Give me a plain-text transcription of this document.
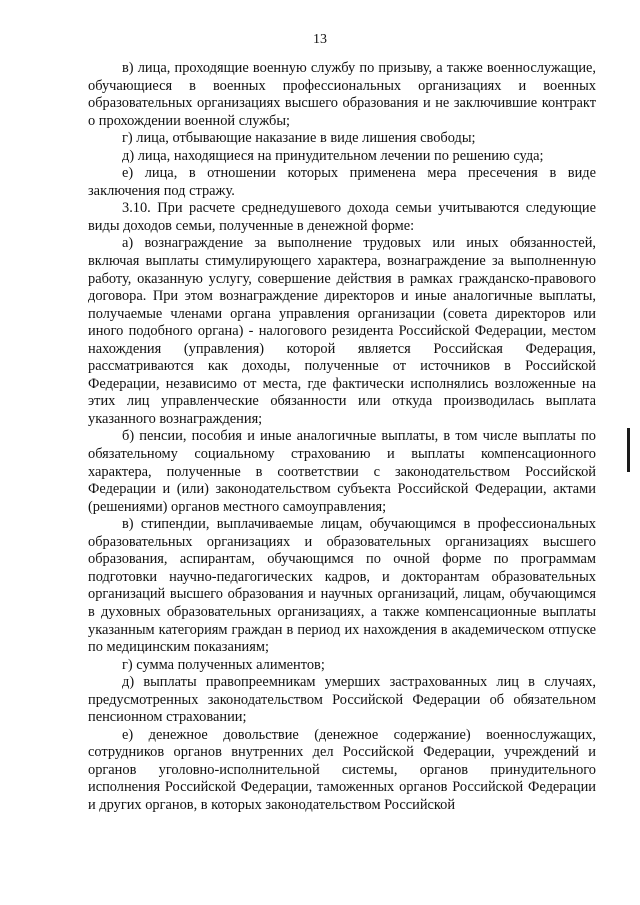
13

в) лица, проходящие военную службу по призыву, а также военнослужащие, обучающиеся в военных профессиональных организациях и военных образовательных организациях высшего образования и не заключившие контракт о прохождении военной службы;

г) лица, отбывающие наказание в виде лишения свободы;

д) лица, находящиеся на принудительном лечении по решению суда;

е) лица, в отношении которых применена мера пресечения в виде заключения под стражу.

3.10. При расчете среднедушевого дохода семьи учитываются следующие виды доходов семьи, полученные в денежной форме:

а) вознаграждение за выполнение трудовых или иных обязанностей, включая выплаты стимулирующего характера, вознаграждение за выполненную работу, оказанную услугу, совершение действия в рамках гражданско-правового договора. При этом вознаграждение директоров и иные аналогичные выплаты, получаемые членами органа управления организации (совета директоров или иного подобного органа) - налогового резидента Российской Федерации, местом нахождения (управления) которой является Российская Федерация, рассматриваются как доходы, полученные от источников в Российской Федерации, независимо от места, где фактически исполнялись возложенные на этих лиц управленческие обязанности или откуда производилась выплата указанного вознаграждения;

б) пенсии, пособия и иные аналогичные выплаты, в том числе выплаты по обязательному социальному страхованию и выплаты компенсационного характера, полученные в соответствии с законодательством Российской Федерации и (или) законодательством субъекта Российской Федерации, актами (решениями) органов местного самоуправления;

в) стипендии, выплачиваемые лицам, обучающимся в профессиональных образовательных организациях и образовательных организациях высшего образования, аспирантам, обучающимся по очной форме по программам подготовки научно-педагогических кадров, и докторантам образовательных организаций высшего образования и научных организаций, лицам, обучающимся в духовных образовательных организациях, а также компенсационные выплаты указанным категориям граждан в период их нахождения в академическом отпуске по медицинским показаниям;

г) сумма полученных алиментов;

д) выплаты правопреемникам умерших застрахованных лиц в случаях, предусмотренных законодательством Российской Федерации об обязательном пенсионном страховании;

е) денежное довольствие (денежное содержание) военнослужащих, сотрудников органов внутренних дел Российской Федерации, учреждений и органов уголовно-исполнительной системы, органов принудительного исполнения Российской Федерации, таможенных органов Российской Федерации и других органов, в которых законодательством Российской
